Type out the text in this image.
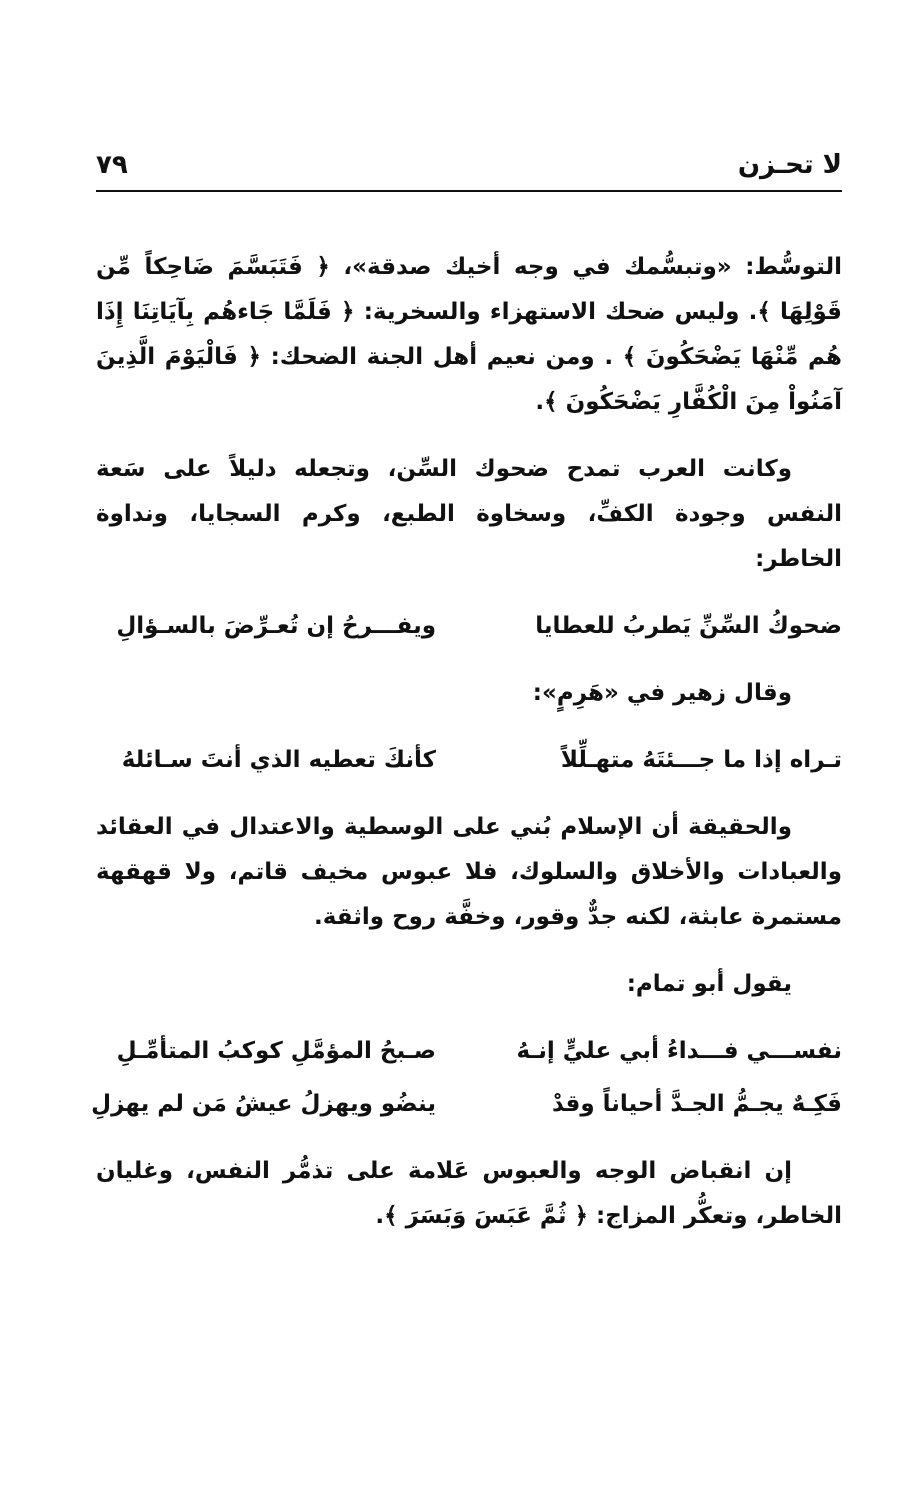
لا تحـزن
٧٩

التوسُّط: «وتبسُّمك في وجه أخيك صدقة»، ﴿ فَتَبَسَّمَ ضَاحِكاً مِّن قَوْلِهَا ﴾. وليس ضحك الاستهزاء والسخرية: ﴿ فَلَمَّا جَاءهُم بِآيَاتِنَا إِذَا هُم مِّنْهَا يَضْحَكُونَ ﴾ . ومن نعيم أهل الجنة الضحك: ﴿ فَالْيَوْمَ الَّذِينَ آمَنُواْ مِنَ الْكُفَّارِ يَضْحَكُونَ ﴾.

وكانت العرب تمدح ضحوك السِّن، وتجعله دليلاً على سَعة النفس وجودة الكفِّ، وسخاوة الطبع، وكرم السجايا، ونداوة الخاطر:

ضحوكُ السِّنِّ يَطربُ للعطايا
ويفـــرحُ إن تُعـرِّضَ بالسـؤالِ

وقال زهير في «هَرِمٍ»:

تـراه إذا ما جـــئتَهُ متهـلِّلاً
كأنكَ تعطيه الذي أنتَ سـائلهُ

والحقيقة أن الإسلام بُني على الوسطية والاعتدال في العقائد والعبادات والأخلاق والسلوك، فلا عبوس مخيف قاتم، ولا قهقهة مستمرة عابثة، لكنه جدٌّ وقور، وخفَّة روح واثقة.

يقول أبو تمام:

نفســـي فـــداءُ أبي عليٍّ إنـهُ
صـبحُ المؤمَّلِ كوكبُ المتأمِّـلِ
فَكِـهٌ يجـمُّ الجـدَّ أحياناً وقدْ
ينضُو ويهزلُ عيشُ مَن لم يهزلِ

إن انقباض الوجه والعبوس عَلامة على تذمُّر النفس، وغليان الخاطر، وتعكُّر المزاج: ﴿ ثُمَّ عَبَسَ وَبَسَرَ ﴾.
